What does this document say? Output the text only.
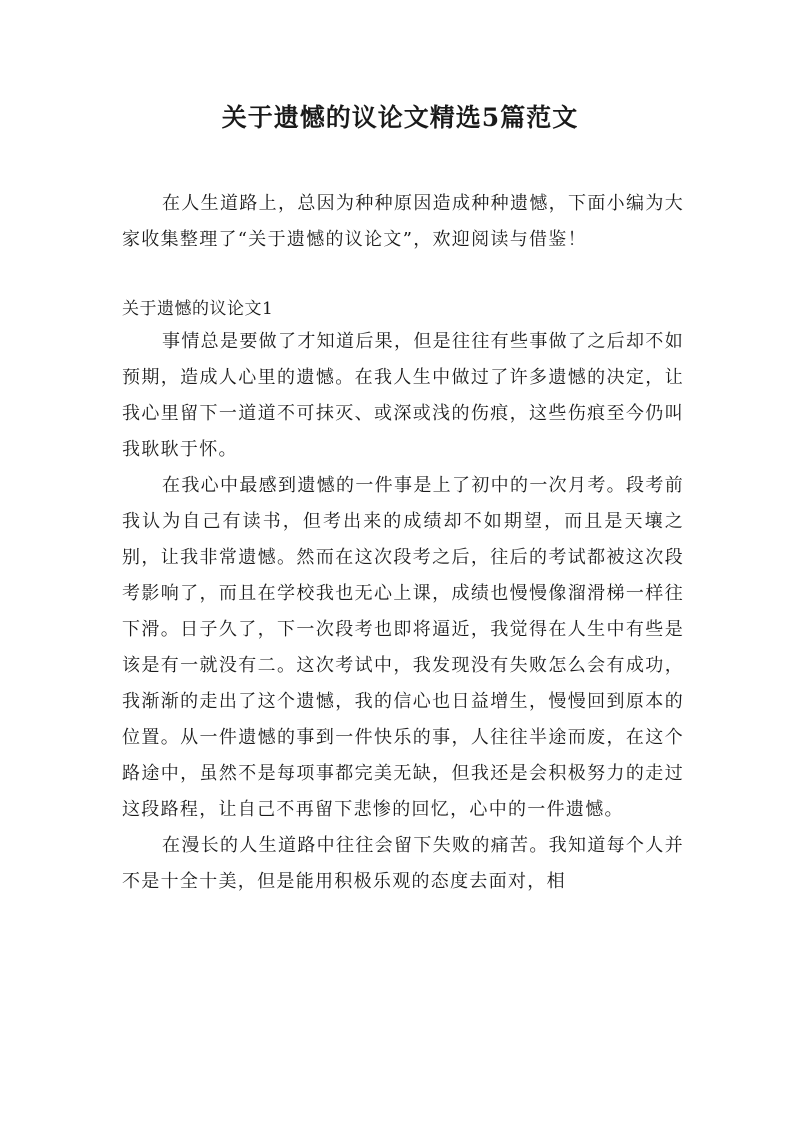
关于遗憾的议论文精选5篇范文

在人生道路上，总因为种种原因造成种种遗憾，下面小编为大家收集整理了“关于遗憾的议论文”，欢迎阅读与借鉴！

关于遗憾的议论文1

事情总是要做了才知道后果，但是往往有些事做了之后却不如预期，造成人心里的遗憾。在我人生中做过了许多遗憾的决定，让我心里留下一道道不可抹灭、或深或浅的伤痕，这些伤痕至今仍叫我耿耿于怀。

在我心中最感到遗憾的一件事是上了初中的一次月考。段考前我认为自己有读书，但考出来的成绩却不如期望，而且是天壤之别，让我非常遗憾。然而在这次段考之后，往后的考试都被这次段考影响了，而且在学校我也无心上课，成绩也慢慢像溜滑梯一样往下滑。日子久了，下一次段考也即将逼近，我觉得在人生中有些是该是有一就没有二。这次考试中，我发现没有失败怎么会有成功，我渐渐的走出了这个遗憾，我的信心也日益增生，慢慢回到原本的位置。从一件遗憾的事到一件快乐的事，人往往半途而废，在这个路途中，虽然不是每项事都完美无缺，但我还是会积极努力的走过这段路程，让自己不再留下悲惨的回忆，心中的一件遗憾。

在漫长的人生道路中往往会留下失败的痛苦。我知道每个人并不是十全十美，但是能用积极乐观的态度去面对，相
